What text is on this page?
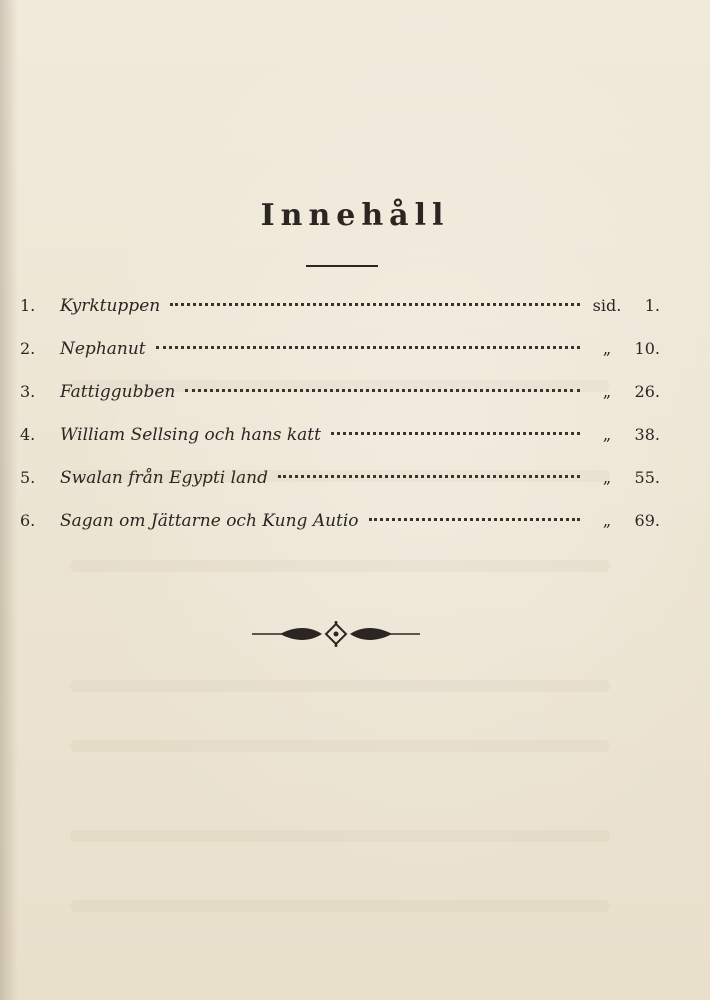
Innehåll
1.	Kyrktuppen	sid.	1.
2.	Nephanut	„	10.
3.	Fattiggubben	„	26.
4.	William Sellsing och hans katt	„	38.
5.	Swalan från Egypti land	„	55.
6.	Sagan om Jättarne och Kung Autio	„	69.
